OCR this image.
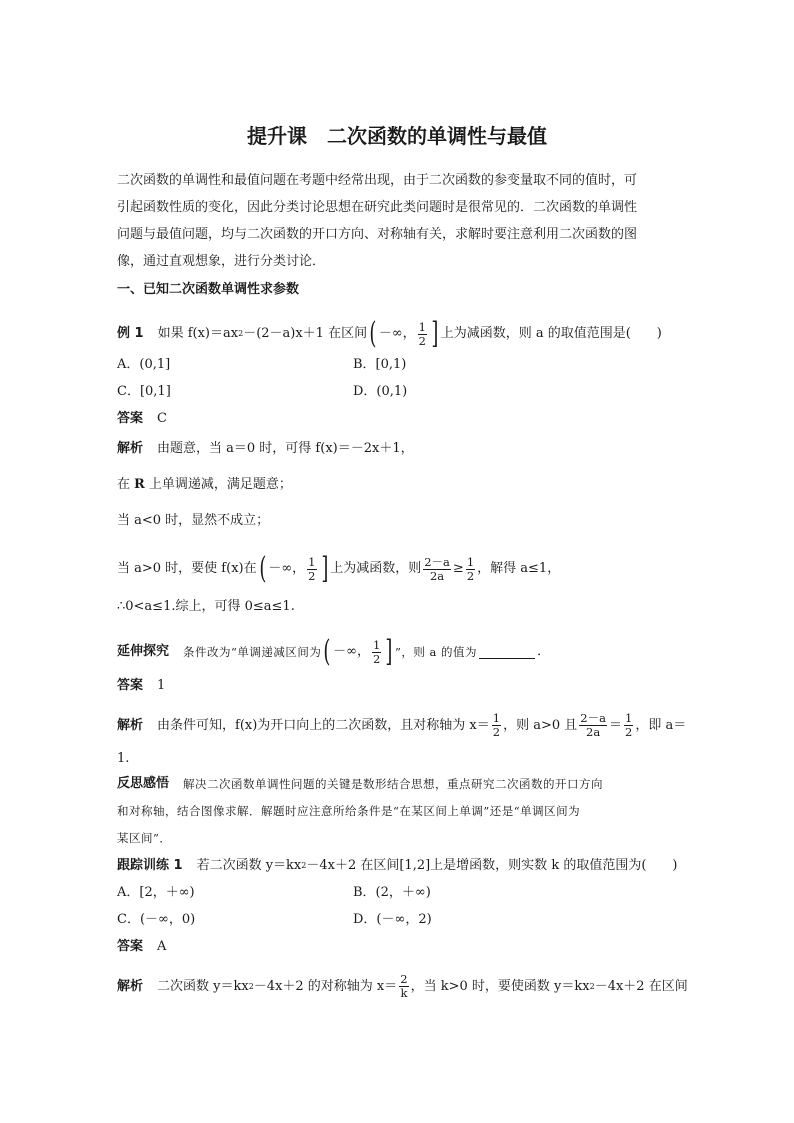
提升课　二次函数的单调性与最值
二次函数的单调性和最值问题在考题中经常出现，由于二次函数的参变量取不同的值时，可
引起函数性质的变化，因此分类讨论思想在研究此类问题时是很常见的．二次函数的单调性
问题与最值问题，均与二次函数的开口方向、对称轴有关，求解时要注意利用二次函数的图
像，通过直观想象，进行分类讨论．
一、已知二次函数单调性求参数
例 1 如果 f(x)＝ax 2 －(2－a)x＋1 在区间 ( －∞， $\frac{1}{2}$ ] 上为减函数，则 a 的取值范围是(　　)
A．(0,1]	B．[0,1)
C．[0,1]	D．(0,1)
答案 C
解析 由题意，当 a＝0 时，可得 f(x)＝－2x＋1，
在 R 上单调递减，满足题意；
当 a<0 时，显然不成立；
当 a>0 时，要使 f(x)在 ( －∞， $\frac{1}{2}$ ] 上为减函数，则 $\frac{2-a}{2a} \ge \frac{1}{2}$ ，解得 a≤1，
∴0<a≤1.综上，可得 0≤a≤1.
延伸探究 条件改为“单调递减区间为 ( －∞， $\frac{1}{2}$ ] ”，则 a 的值为	．
答案 1
解析 由条件可知，f(x)为开口向上的二次函数，且对称轴为 $x= \frac{1}{2}$ ，则 a>0 且 $\frac{2-a}{2a} = \frac{1}{2}$ ，即 a＝
1.
反思感悟 解决二次函数单调性问题的关键是数形结合思想，重点研究二次函数的开口方向
和对称轴，结合图像求解．解题时应注意所给条件是“在某区间上单调”还是“单调区间为
某区间”．
跟踪训练 1 若二次函数 y＝kx 2 －4x＋2 在区间[1,2]上是增函数，则实数 k 的取值范围为(　　)
A．[2，＋∞)	B．(2，＋∞)
C．(－∞，0)	D．(－∞，2)
答案 A
解析 二次函数 y＝kx 2 －4x＋2 的对称轴为 $x= \frac{2}{k}$ ，当 k>0 时，要使函数 y＝kx 2 －4x＋2 在区间
